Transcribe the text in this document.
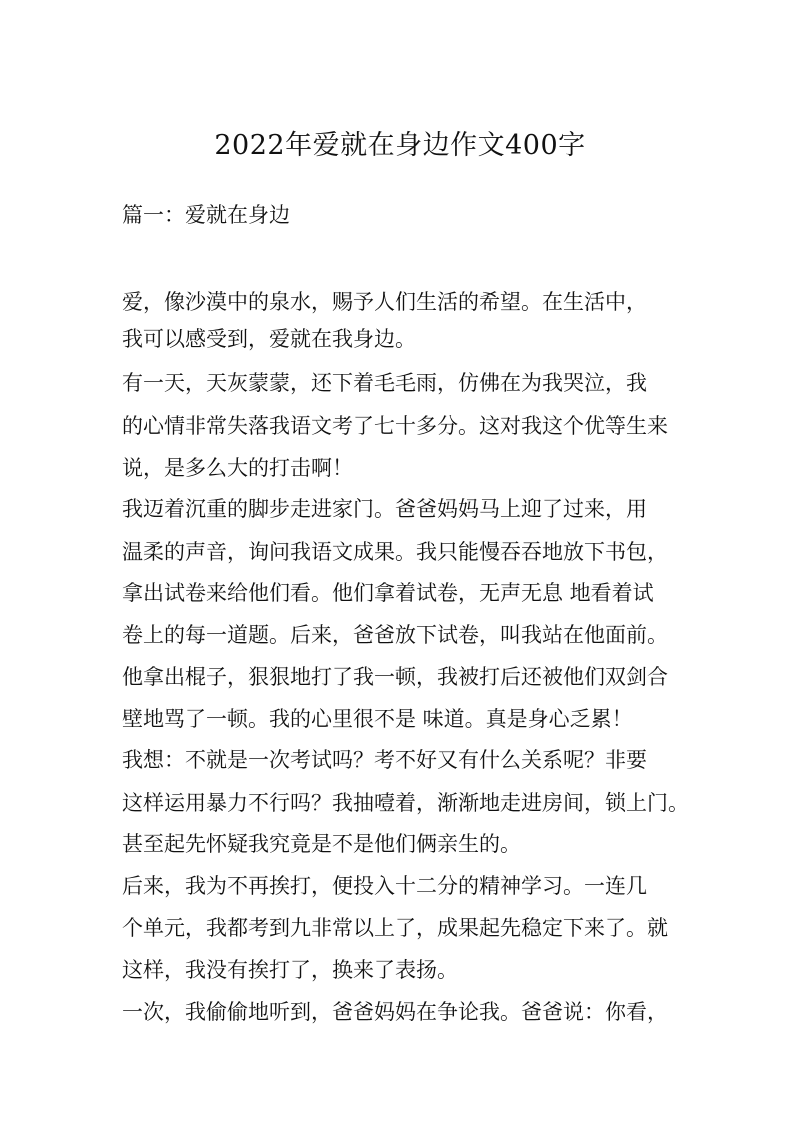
2022年爱就在身边作文400字
篇一：爱就在身边
爱，像沙漠中的泉水，赐予人们生活的希望。在生活中，
我可以感受到，爱就在我身边。
有一天，天灰蒙蒙，还下着毛毛雨，仿佛在为我哭泣，我
的心情非常失落我语文考了七十多分。这对我这个优等生来
说，是多么大的打击啊！
我迈着沉重的脚步走进家门。爸爸妈妈马上迎了过来，用
温柔的声音，询问我语文成果。我只能慢吞吞地放下书包，
拿出试卷来给他们看。他们拿着试卷，无声无息 地看着试
卷上的每一道题。后来，爸爸放下试卷，叫我站在他面前。
他拿出棍子，狠狠地打了我一顿，我被打后还被他们双剑合
壁地骂了一顿。我的心里很不是 味道。真是身心乏累！
我想：不就是一次考试吗？考不好又有什么关系呢？非要
这样运用暴力不行吗？我抽噎着，渐渐地走进房间，锁上门。
甚至起先怀疑我究竟是不是他们俩亲生的。
后来，我为不再挨打，便投入十二分的精神学习。一连几
个单元，我都考到九非常以上了，成果起先稳定下来了。就
这样，我没有挨打了，换来了表扬。
一次，我偷偷地听到，爸爸妈妈在争论我。爸爸说：你看，
